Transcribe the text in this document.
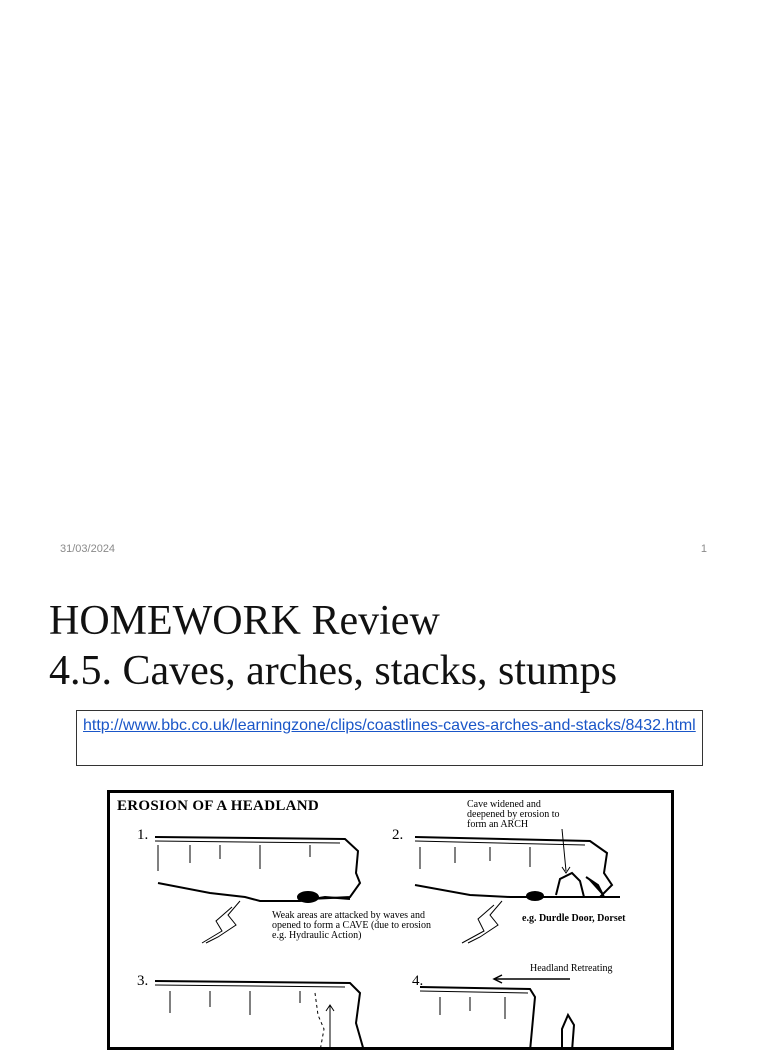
31/03/2024	1
HOMEWORK Review
4.5. Caves, arches, stacks, stumps
http://www.bbc.co.uk/learningzone/clips/coastlines-caves-arches-and-stacks/8432.html
EROSION OF A HEADLAND
1.	2.
3.	4.
Cave widened and deepened by erosion to form an ARCH
Weak areas are attacked by waves and opened to form a CAVE (due to erosion e.g. Hydraulic Action)
e.g. Durdle Door, Dorset
Headland Retreating
